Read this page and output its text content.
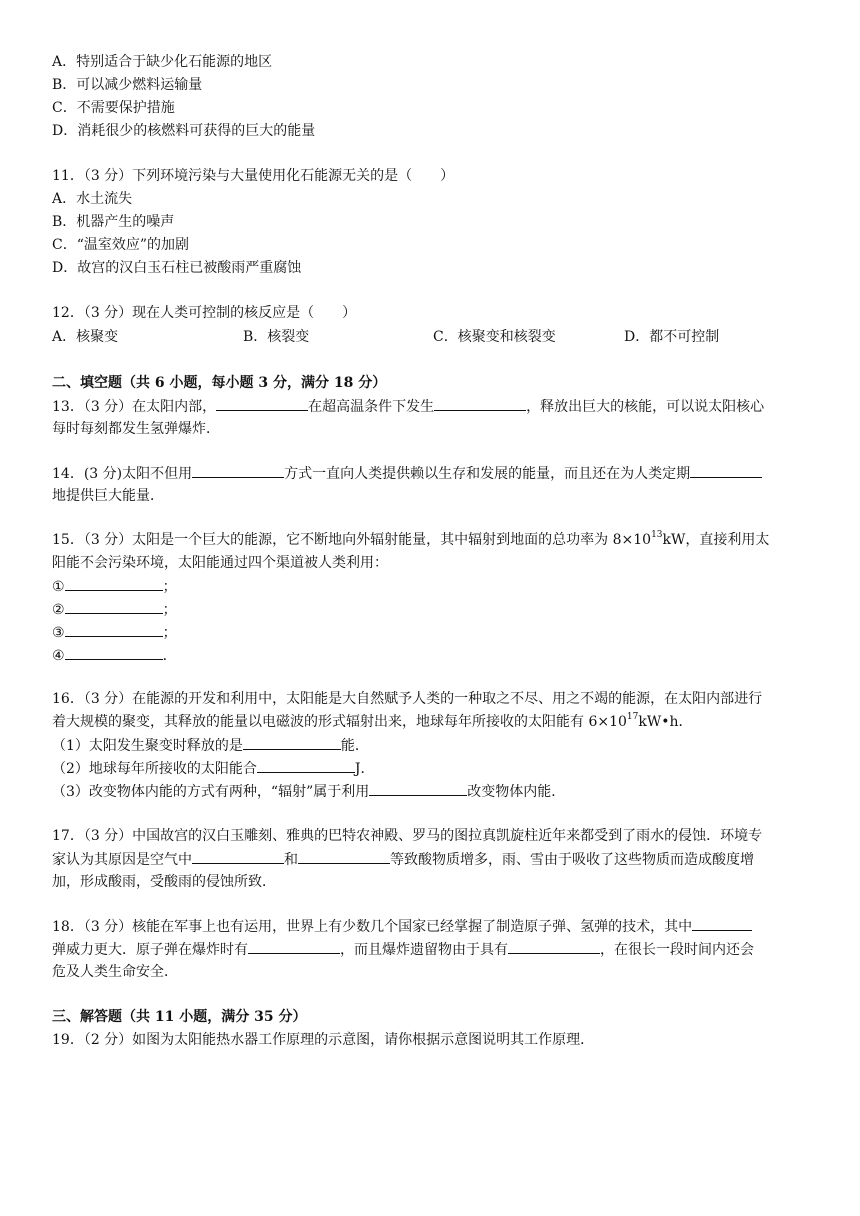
A．特别适合于缺少化石能源的地区
B．可以减少燃料运输量
C．不需要保护措施
D．消耗很少的核燃料可获得的巨大的能量
11．（3 分）下列环境污染与大量使用化石能源无关的是（　　）
A．水土流失
B．机器产生的噪声
C．“温室效应”的加剧
D．故宫的汉白玉石柱已被酸雨严重腐蚀
12．（3 分）现在人类可控制的核反应是（　　）
A．核聚变	B．核裂变	C．核聚变和核裂变	D．都不可控制
二、填空题（共 6 小题，每小题 3 分，满分 18 分）
13．（3 分）在太阳内部，	在超高温条件下发生	，释放出巨大的核能，可以说太阳核心
每时每刻都发生氢弹爆炸．
14．(3 分)太阳不但用	方式一直向人类提供赖以生存和发展的能量，而且还在为人类定期
地提供巨大能量．
15．（3 分）太阳是一个巨大的能源，它不断地向外辐射能量，其中辐射到地面的总功率为 $8\times 10^{13}kW$，直接利用太
阳能不会污染环境，太阳能通过四个渠道被人类利用：
①	；
②	；
③	；
④	．
16．（3 分）在能源的开发和利用中，太阳能是大自然赋予人类的一种取之不尽、用之不竭的能源，在太阳内部进行
着大规模的聚变，其释放的能量以电磁波的形式辐射出来，地球每年所接收的太阳能有 $6\times 10^{17}kW•h$．
（1）太阳发生聚变时释放的是	能．
（2）地球每年所接收的太阳能合	J．
（3）改变物体内能的方式有两种，“辐射”属于利用	改变物体内能．
17．（3 分）中国故宫的汉白玉雕刻、雅典的巴特农神殿、罗马的图拉真凯旋柱近年来都受到了雨水的侵蚀．环境专
家认为其原因是空气中	和	等致酸物质增多，雨、雪由于吸收了这些物质而造成酸度增
加，形成酸雨，受酸雨的侵蚀所致．
18．（3 分）核能在军事上也有运用，世界上有少数几个国家已经掌握了制造原子弹、氢弹的技术，其中
弹威力更大．原子弹在爆炸时有	，而且爆炸遗留物由于具有	，在很长一段时间内还会
危及人类生命安全．
三、解答题（共 11 小题，满分 35 分）
19．（2 分）如图为太阳能热水器工作原理的示意图，请你根据示意图说明其工作原理．
